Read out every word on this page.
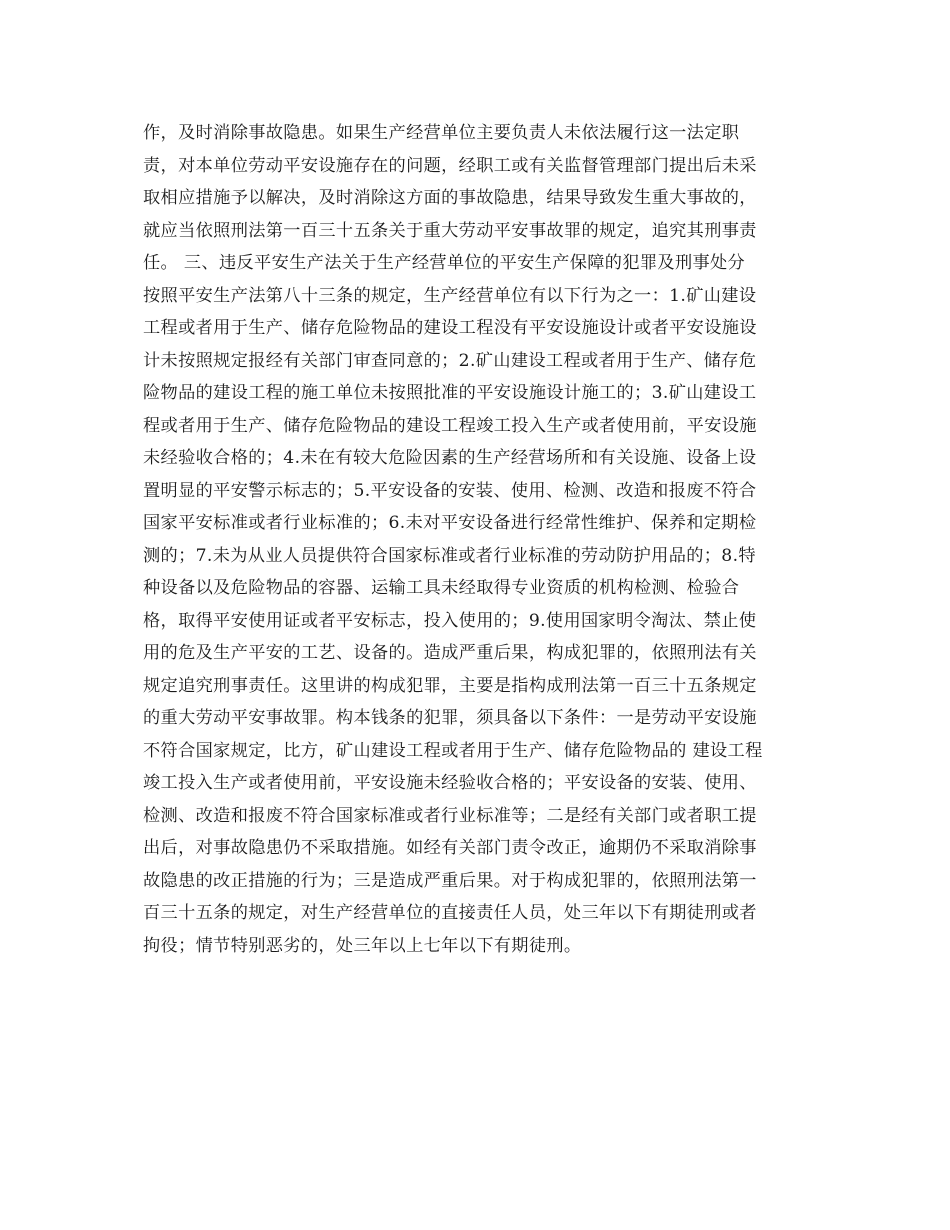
作，及时消除事故隐患。如果生产经营单位主要负责人未依法履行这一法定职
责，对本单位劳动平安设施存在的问题，经职工或有关监督管理部门提出后未采
取相应措施予以解决，及时消除这方面的事故隐患，结果导致发生重大事故的，
就应当依照刑法第一百三十五条关于重大劳动平安事故罪的规定，追究其刑事责
任。 三、违反平安生产法关于生产经营单位的平安生产保障的犯罪及刑事处分
按照平安生产法第八十三条的规定，生产经营单位有以下行为之一：1.矿山建设
工程或者用于生产、储存危险物品的建设工程没有平安设施设计或者平安设施设
计未按照规定报经有关部门审查同意的；2.矿山建设工程或者用于生产、储存危
险物品的建设工程的施工单位未按照批准的平安设施设计施工的；3.矿山建设工
程或者用于生产、储存危险物品的建设工程竣工投入生产或者使用前，平安设施
未经验收合格的；4.未在有较大危险因素的生产经营场所和有关设施、设备上设
置明显的平安警示标志的；5.平安设备的安装、使用、检测、改造和报废不符合
国家平安标准或者行业标准的；6.未对平安设备进行经常性维护、保养和定期检
测的；7.未为从业人员提供符合国家标准或者行业标准的劳动防护用品的；8.特
种设备以及危险物品的容器、运输工具未经取得专业资质的机构检测、检验合
格，取得平安使用证或者平安标志，投入使用的；9.使用国家明令淘汰、禁止使
用的危及生产平安的工艺、设备的。造成严重后果，构成犯罪的，依照刑法有关
规定追究刑事责任。这里讲的构成犯罪，主要是指构成刑法第一百三十五条规定
的重大劳动平安事故罪。构本钱条的犯罪，须具备以下条件：一是劳动平安设施
不符合国家规定，比方，矿山建设工程或者用于生产、储存危险物品的 建设工程
竣工投入生产或者使用前，平安设施未经验收合格的；平安设备的安装、使用、
检测、改造和报废不符合国家标准或者行业标准等；二是经有关部门或者职工提
出后，对事故隐患仍不采取措施。如经有关部门责令改正，逾期仍不采取消除事
故隐患的改正措施的行为；三是造成严重后果。对于构成犯罪的，依照刑法第一
百三十五条的规定，对生产经营单位的直接责任人员，处三年以下有期徒刑或者
拘役；情节特别恶劣的，处三年以上七年以下有期徒刑。
